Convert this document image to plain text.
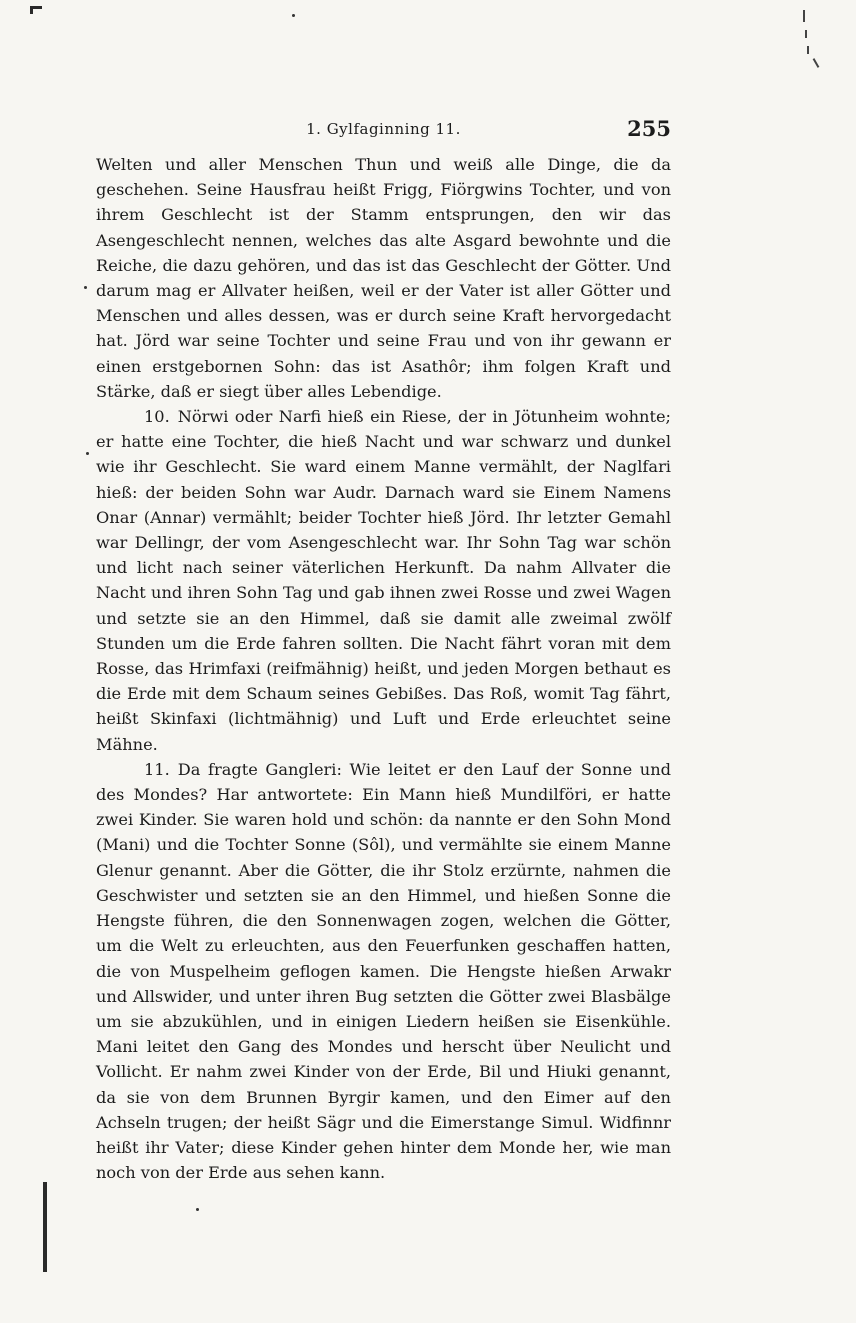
1. Gylfaginning 11.	255

Welten und aller Menschen Thun und weiß alle Dinge, die da geschehen. Seine Hausfrau heißt Frigg, Fiörgwins Tochter, und von ihrem Geschlecht ist der Stamm entsprungen, den wir das Asengeschlecht nennen, welches das alte Asgard bewohnte und die Reiche, die dazu gehören, und das ist das Geschlecht der Götter. Und darum mag er Allvater heißen, weil er der Vater ist aller Götter und Menschen und alles dessen, was er durch seine Kraft hervorgedacht hat. Jörd war seine Tochter und seine Frau und von ihr gewann er einen erstgebornen Sohn: das ist Asathôr; ihm folgen Kraft und Stärke, daß er siegt über alles Lebendige.

10. Nörwi oder Narfi hieß ein Riese, der in Jötunheim wohnte; er hatte eine Tochter, die hieß Nacht und war schwarz und dunkel wie ihr Geschlecht. Sie ward einem Manne vermählt, der Naglfari hieß: der beiden Sohn war Audr. Darnach ward sie Einem Namens Onar (Annar) vermählt; beider Tochter hieß Jörd. Ihr letzter Gemahl war Dellingr, der vom Asengeschlecht war. Ihr Sohn Tag war schön und licht nach seiner väterlichen Herkunft. Da nahm Allvater die Nacht und ihren Sohn Tag und gab ihnen zwei Rosse und zwei Wagen und setzte sie an den Himmel, daß sie damit alle zweimal zwölf Stunden um die Erde fahren sollten. Die Nacht fährt voran mit dem Rosse, das Hrimfaxi (reifmähnig) heißt, und jeden Morgen bethaut es die Erde mit dem Schaum seines Gebißes. Das Roß, womit Tag fährt, heißt Skinfaxi (lichtmähnig) und Luft und Erde erleuchtet seine Mähne.

11. Da fragte Gangleri: Wie leitet er den Lauf der Sonne und des Mondes? Har antwortete: Ein Mann hieß Mundilföri, er hatte zwei Kinder. Sie waren hold und schön: da nannte er den Sohn Mond (Mani) und die Tochter Sonne (Sôl), und vermählte sie einem Manne Glenur genannt. Aber die Götter, die ihr Stolz erzürnte, nahmen die Geschwister und setzten sie an den Himmel, und hießen Sonne die Hengste führen, die den Sonnenwagen zogen, welchen die Götter, um die Welt zu erleuchten, aus den Feuerfunken geschaffen hatten, die von Muspelheim geflogen kamen. Die Hengste hießen Arwakr und Allswider, und unter ihren Bug setzten die Götter zwei Blasbälge um sie abzukühlen, und in einigen Liedern heißen sie Eisenkühle. Mani leitet den Gang des Mondes und herscht über Neulicht und Vollicht. Er nahm zwei Kinder von der Erde, Bil und Hiuki genannt, da sie von dem Brunnen Byrgir kamen, und den Eimer auf den Achseln trugen; der heißt Sägr und die Eimerstange Simul. Widfinnr heißt ihr Vater; diese Kinder gehen hinter dem Monde her, wie man noch von der Erde aus sehen kann.
